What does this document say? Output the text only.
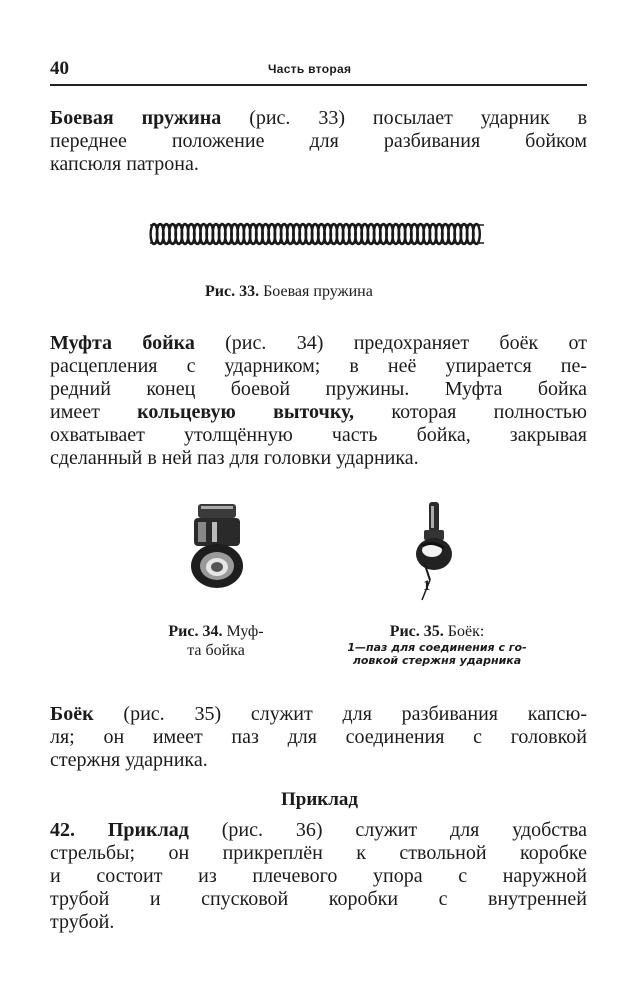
40	Часть вторая
Боевая пружина (рис. 33) посылает ударник в
переднее положение для разбивания бойком
капсюля патрона.
Рис. 33. Боевая пружина
Муфта бойка (рис. 34) предохраняет боёк от
расцепления с ударником; в неё упирается пе-
редний конец боевой пружины. Муфта бойка
имеет кольцевую выточку, которая полностью
охватывает утолщённую часть бойка, закрывая
сделанный в ней паз для головки ударника.
Рис. 34. Муф-
та бойка
1
Рис. 35. Боёк:
1—паз для соединения с го-
ловкой стержня ударника
Боёк (рис. 35) служит для разбивания капсю-
ля; он имеет паз для соединения с головкой
стержня ударника.
Приклад
42. Приклад (рис. 36) служит для удобства
стрельбы; он прикреплён к ствольной коробке
и состоит из плечевого упора с наружной
трубой и спусковой коробки с внутренней
трубой.
